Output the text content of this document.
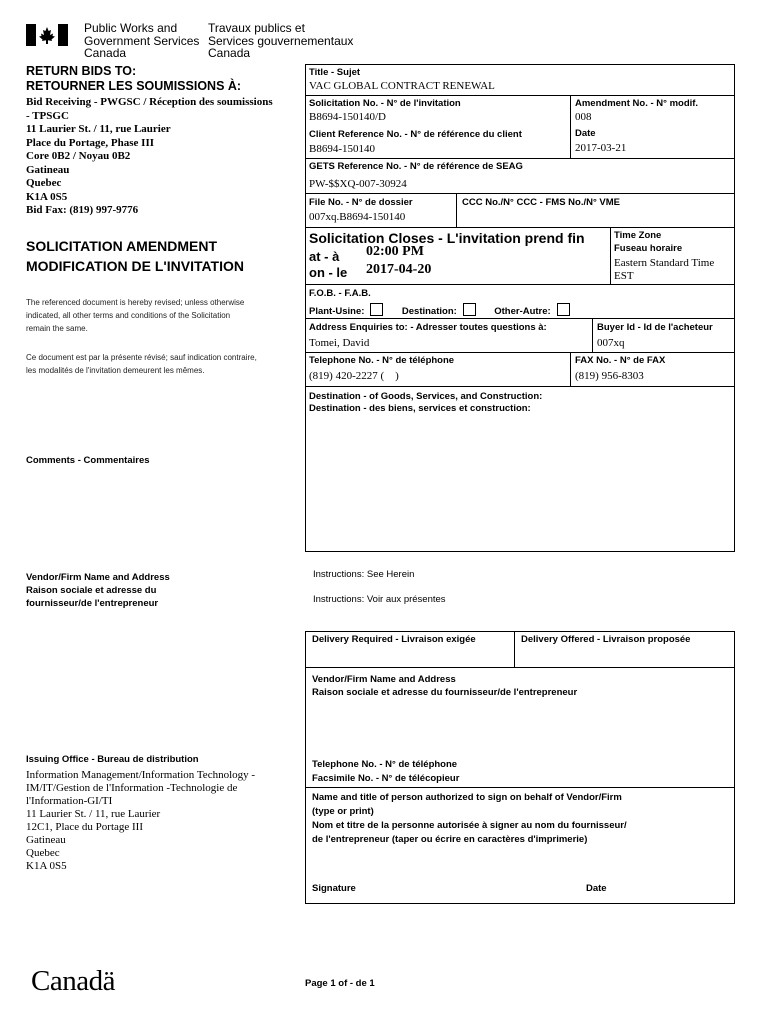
Public Works and
Government Services
Canada
Travaux publics et
Services gouvernementaux
Canada
RETURN BIDS TO:
RETOURNER LES SOUMISSIONS À:
Bid Receiving - PWGSC / Réception des soumissions
- TPSGC
11 Laurier St. / 11, rue Laurier
Place du Portage, Phase III
Core 0B2 / Noyau 0B2
Gatineau
Quebec
K1A 0S5
Bid Fax: (819) 997-9776
SOLICITATION AMENDMENT
MODIFICATION DE L'INVITATION
The referenced document is hereby revised; unless otherwise
indicated, all other terms and conditions of the Solicitation
remain the same.
Ce document est par la présente révisé; sauf indication contraire,
les modalités de l'invitation demeurent les mêmes.
Comments - Commentaires
Vendor/Firm Name and Address
Raison sociale et adresse du
fournisseur/de l'entrepreneur
Issuing Office - Bureau de distribution
Information Management/Information Technology -
IM/IT/Gestion de l'Information -Technologie de
l'Information-GI/TI
11 Laurier St. / 11, rue Laurier
12C1, Place du Portage III
Gatineau
Quebec
K1A 0S5
Title - Sujet
VAC GLOBAL CONTRACT RENEWAL
Solicitation No. - N° de l'invitation
B8694-150140/D
Amendment No. - N° modif.
008
Client Reference No. - N° de référence du client
B8694-150140
Date
2017-03-21
GETS Reference No. - N° de référence de SEAG
PW-$$XQ-007-30924
File No. - N° de dossier
007xq.B8694-150140
CCC No./N° CCC - FMS No./N° VME
Solicitation Closes - L'invitation prend fin
at - à 02:00 PM
on - le 2017-04-20
Time Zone
Fuseau horaire
Eastern Standard Time
EST
F.O.B. - F.A.B.
Plant-Usine:	Destination:	Other-Autre:
Address Enquiries to: - Adresser toutes questions à:
Tomei, David
Buyer Id - Id de l'acheteur
007xq
Telephone No. - N° de téléphone
(819) 420-2227 (    )
FAX No. - N° de FAX
(819) 956-8303
Destination - of Goods, Services, and Construction:
Destination - des biens, services et construction:
Instructions: See Herein
Instructions: Voir aux présentes
Delivery Required - Livraison exigée	Delivery Offered - Livraison proposée
Vendor/Firm Name and Address
Raison sociale et adresse du fournisseur/de l'entrepreneur
Telephone No. - N° de téléphone
Facsimile No. - N° de télécopieur
Name and title of person authorized to sign on behalf of Vendor/Firm
(type or print)
Nom et titre de la personne autorisée à signer au nom du fournisseur/
de l'entrepreneur (taper ou écrire en caractères d'imprimerie)
Signature	Date
Canadä	Page 1 of - de 1
